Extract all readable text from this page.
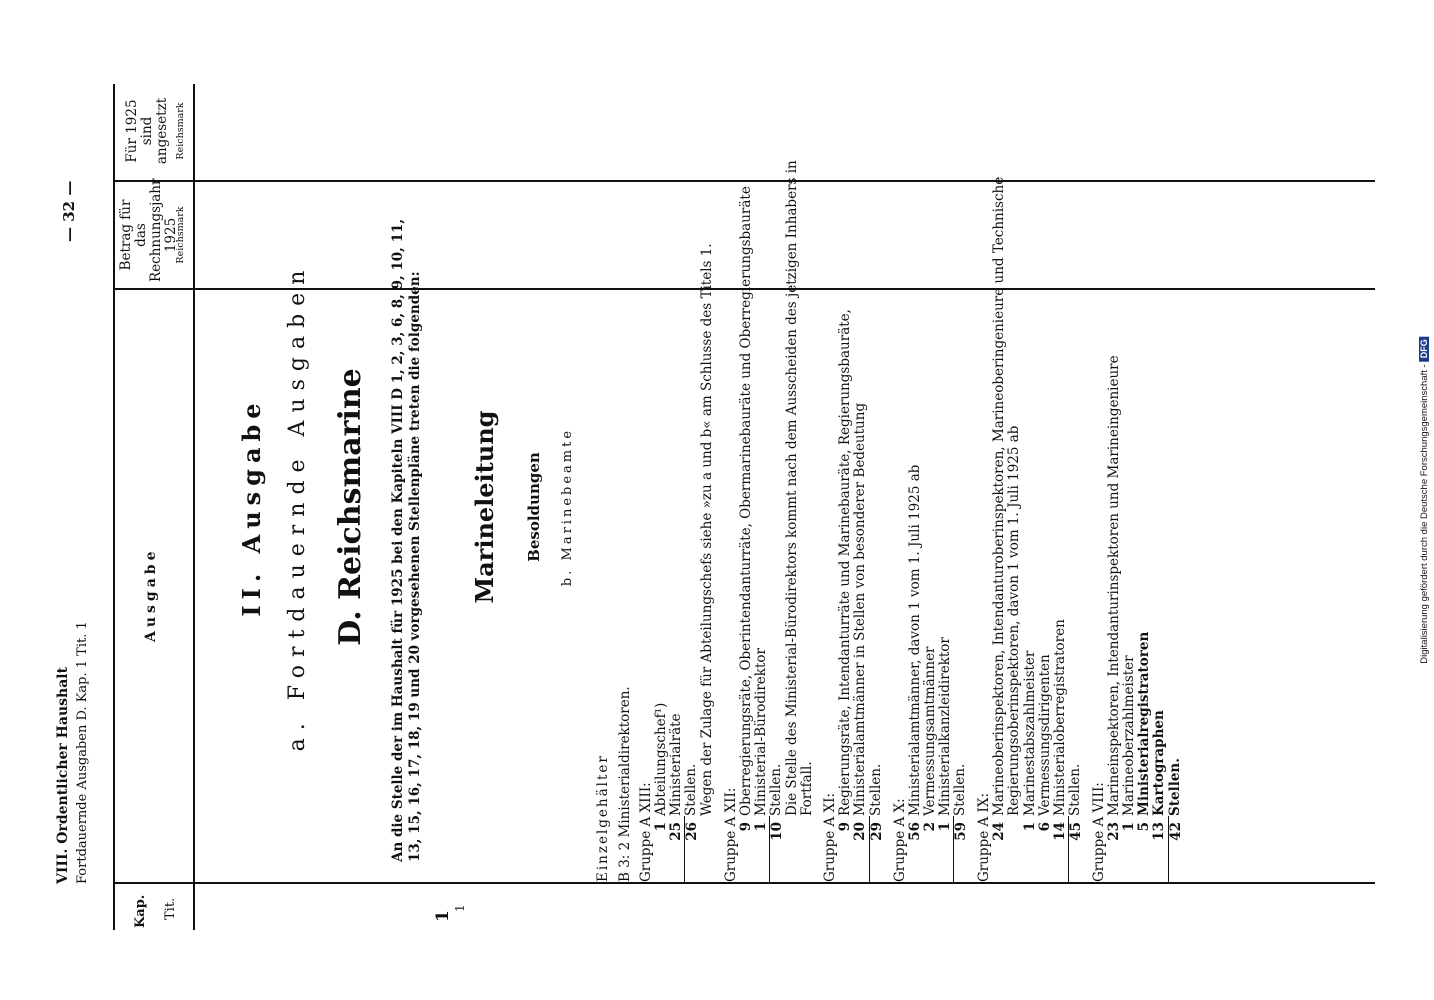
VIII. Ordentlicher Haushalt Fortdauernde Ausgaben D. Kap. 1 Tit. 1
— 32 —
Kap. Tit.
Ausgabe
Betrag für das Rechnungsjahr 1925
Reichsmark
Für 1925 sind angesetzt Reichsmark
1
1
II. Ausgabe a. Fortdauernde Ausgaben D. Reichsmarine An die Stelle der im Haushalt für 1925 bei den Kapiteln VIII D 1, 2, 3, 6, 8, 9, 10, 11, 13, 15, 16, 17, 18, 19 und 20 vorgesehenen Stellenpläne treten die folgenden: Marineleitung Besoldungen b. Marinebeamte
Einzelgehälter B 3: 2 Ministerialdirektoren. Gruppe A XIII: 1
Abteilungschef¹)
25
Ministerialräte
26
Stellen. Wegen der Zulage für Abteilungschefs siehe »zu a und b« am Schlusse des Titels 1.
Gruppe A XII: 9
Oberregierungsräte, Oberintendanturräte, Obermarinebauräte und Oberregierungsbauräte
1
Ministerial-Bürodirektor
10
Stellen. Die Stelle des Ministerial-Bürodirektors kommt nach dem Ausscheiden des jetzigen Inhabers in Fortfall.
Gruppe A XI: 9
Regierungsräte, Intendanturräte und Marinebauräte, Regierungsbauräte,
20
Ministerialamtmänner in Stellen von besonderer Bedeutung
29
Stellen.
Gruppe A X: 56
Ministerialamtmänner, davon 1 vom 1. Juli 1925 ab
2
Vermessungsamtmänner
1
Ministerialkanzleidirektor
59
Stellen.
Gruppe A IX: 24
Marineoberinspektoren, Intendanturoberinspektoren, Marineoberingenieure und Technische Regierungsoberinspektoren, davon 1 vom 1. Juli 1925 ab
1
Marinestabszahlmeister
6
Vermessungsdirigenten
14
Ministerialoberregistratoren
45
Stellen. Gruppe A VIII: 23
Marineinspektoren, Intendanturinspektoren und Marineingenieure
1
Marineoberzahlmeister
5
Ministerialregistratoren
13
Kartographen
42
Stellen.
Digitalisierung gefördert durch die Deutsche Forschungsgemeinschaft -DFG
